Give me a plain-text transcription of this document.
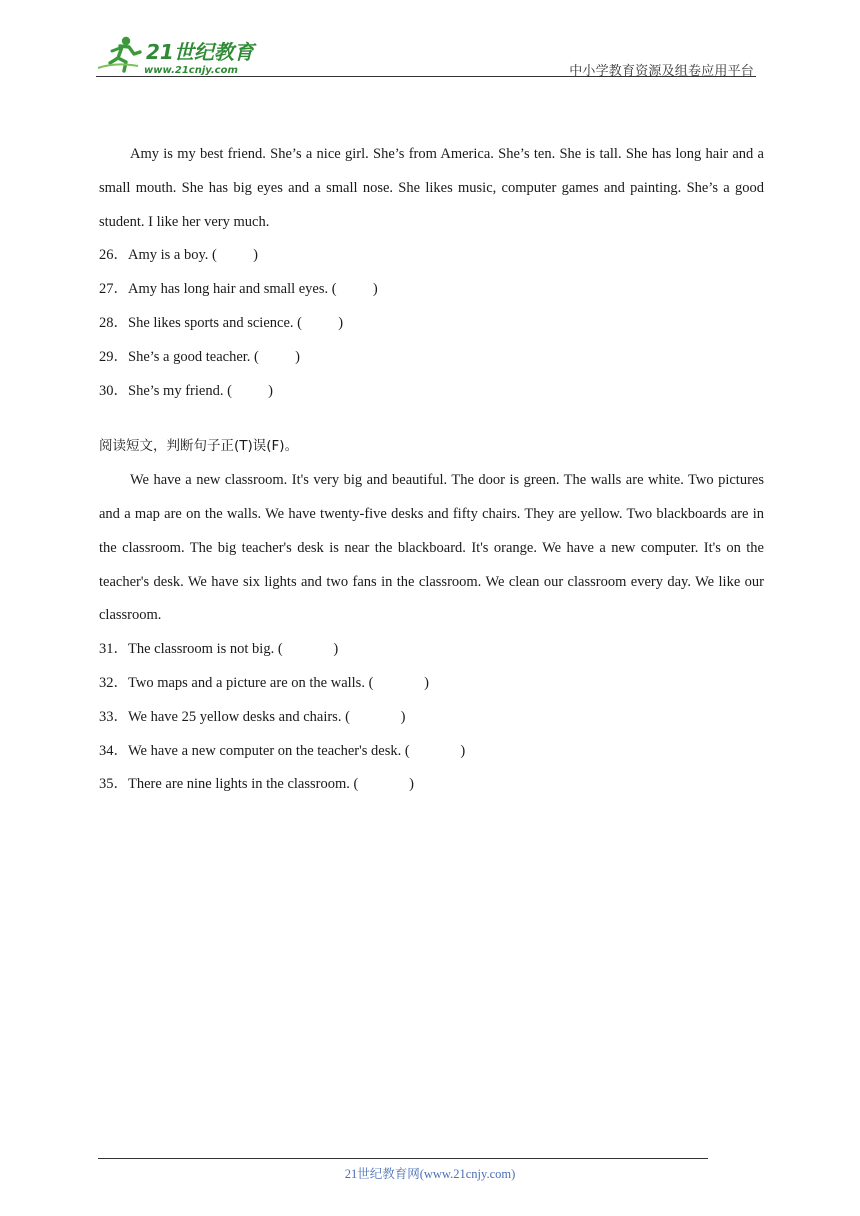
21世纪教育
www.21cnjy.com	中小学教育资源及组卷应用平台

Amy is my best friend. She’s a nice girl. She’s from America. She’s ten. She is tall. She has long hair and a small mouth. She has big eyes and a small nose. She likes music, computer games and painting. She’s a good student. I like her very much.

26．Amy is a boy. (          )

27．Amy has long hair and small eyes. (          )

28．She likes sports and science. (          )

29．She’s a good teacher. (          )

30．She’s my friend. (          )

阅读短文，判断句子正(T)误(F)。

We have a new classroom. It's very big and beautiful. The door is green. The walls are white. Two pictures and a map are on the walls. We have twenty-five desks and fifty chairs. They are yellow. Two blackboards are in the classroom. The big teacher's desk is near the blackboard. It's orange. We have a new computer. It's on the teacher's desk. We have six lights and two fans in the classroom. We clean our classroom every day. We like our classroom.

31．The classroom is not big. (              )

32．Two maps and a picture are on the walls. (              )

33．We have 25 yellow desks and chairs. (              )

34．We have a new computer on the teacher's desk. (              )

35．There are nine lights in the classroom. (              )

21世纪教育网(www.21cnjy.com)
